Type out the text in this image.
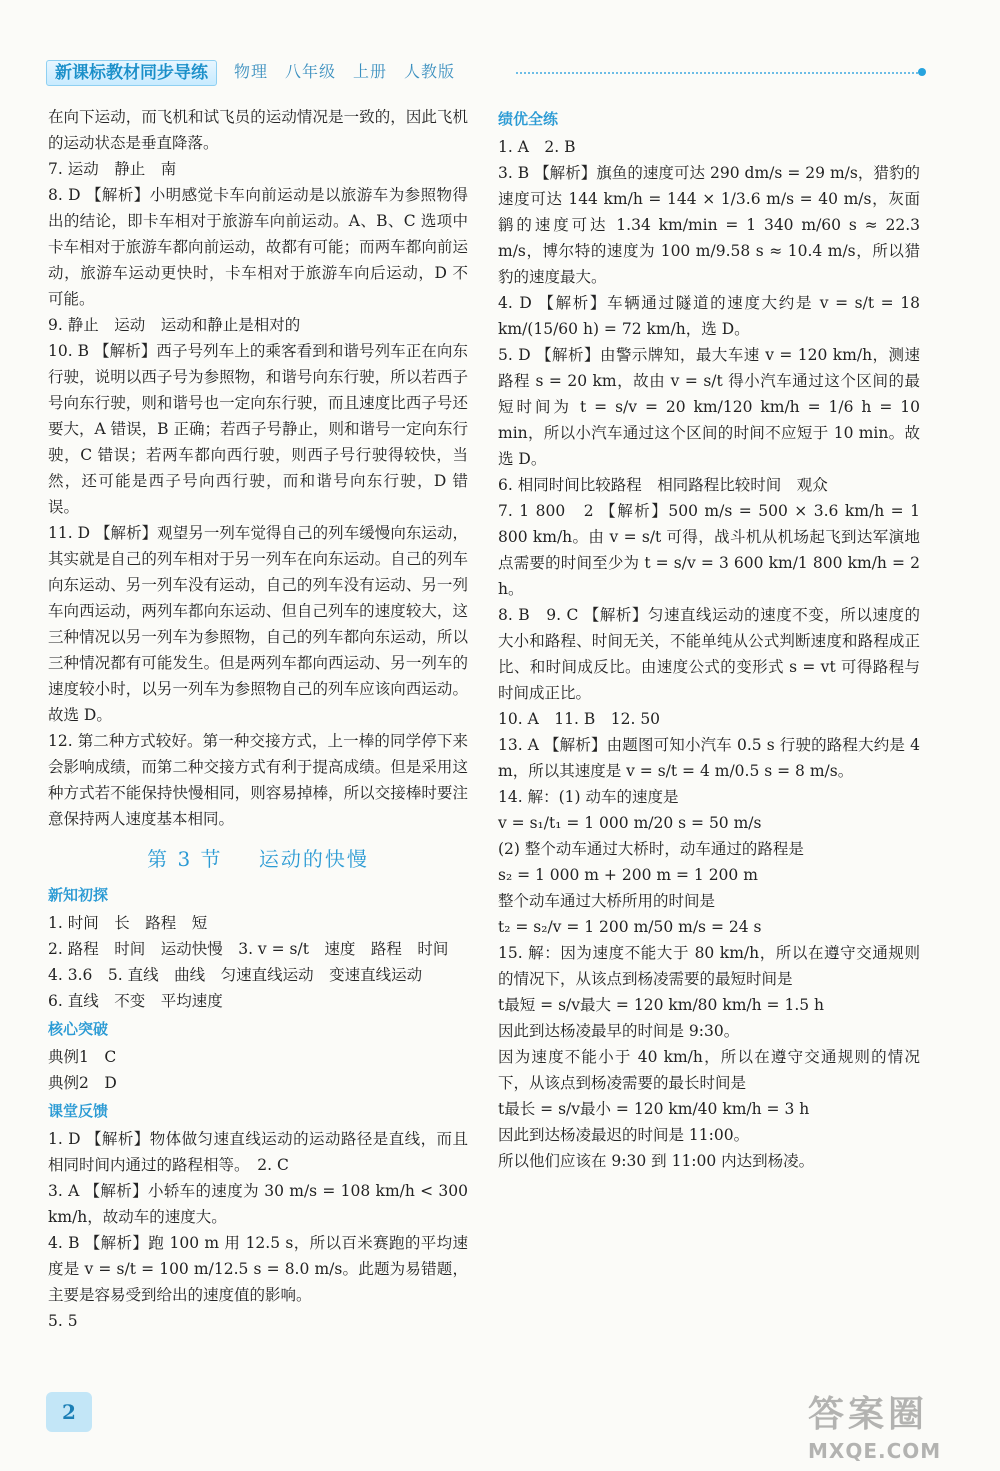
新课标教材同步导练	物理　八年级　上册　人教版

在向下运动，而飞机和试飞员的运动情况是一致的，因此飞机的运动状态是垂直降落。

7. 运动　静止　南

8. D 【解析】小明感觉卡车向前运动是以旅游车为参照物得出的结论，即卡车相对于旅游车向前运动。A、B、C 选项中卡车相对于旅游车都向前运动，故都有可能；而两车都向前运动，旅游车运动更快时，卡车相对于旅游车向后运动，D 不可能。

9. 静止　运动　运动和静止是相对的

10. B 【解析】西子号列车上的乘客看到和谐号列车正在向东行驶，说明以西子号为参照物，和谐号向东行驶，所以若西子号向东行驶，则和谐号也一定向东行驶，而且速度比西子号还要大，A 错误，B 正确；若西子号静止，则和谐号一定向东行驶，C 错误；若两车都向西行驶，则西子号行驶得较快，当然，还可能是西子号向西行驶，而和谐号向东行驶，D 错误。

11. D 【解析】观望另一列车觉得自己的列车缓慢向东运动，其实就是自己的列车相对于另一列车在向东运动。自己的列车向东运动、另一列车没有运动，自己的列车没有运动、另一列车向西运动，两列车都向东运动、但自己列车的速度较大，这三种情况以另一列车为参照物，自己的列车都向东运动，所以三种情况都有可能发生。但是两列车都向西运动、另一列车的速度较小时，以另一列车为参照物自己的列车应该向西运动。故选 D。

12. 第二种方式较好。第一种交接方式，上一棒的同学停下来会影响成绩，而第二种交接方式有利于提高成绩。但是采用这种方式若不能保持快慢相同，则容易掉棒，所以交接棒时要注意保持两人速度基本相同。

第 3 节 运动的快慢
新知初探

1. 时间　长　路程　短

2. 路程　时间　运动快慢　3. v = s/t　速度　路程　时间

4. 3.6　5. 直线　曲线　匀速直线运动　变速直线运动

6. 直线　不变　平均速度

核心突破

典例1　C

典例2　D

课堂反馈

1. D 【解析】物体做匀速直线运动的运动路径是直线，而且相同时间内通过的路程相等。　2. C

3. A 【解析】小轿车的速度为 30 m/s = 108 km/h < 300 km/h，故动车的速度大。

4. B 【解析】跑 100 m 用 12.5 s，所以百米赛跑的平均速度是 v = s/t = 100 m/12.5 s = 8.0 m/s。此题为易错题，主要是容易受到给出的速度值的影响。

5. 5

绩优全练

1. A　2. B

3. B 【解析】旗鱼的速度可达 290 dm/s = 29 m/s，猎豹的速度可达 144 km/h = 144 × 1/3.6 m/s = 40 m/s，灰面鹟的速度可达 1.34 km/min = 1 340 m/60 s ≈ 22.3 m/s，博尔特的速度为 100 m/9.58 s ≈ 10.4 m/s，所以猎豹的速度最大。

4. D 【解析】车辆通过隧道的速度大约是 v = s/t = 18 km/(15/60 h) = 72 km/h，选 D。

5. D 【解析】由警示牌知，最大车速 v = 120 km/h，测速路程 s = 20 km，故由 v = s/t 得小汽车通过这个区间的最短时间为 t = s/v = 20 km/120 km/h = 1/6 h = 10 min，所以小汽车通过这个区间的时间不应短于 10 min。故选 D。

6. 相同时间比较路程　相同路程比较时间　观众

7. 1 800　2 【解析】500 m/s = 500 × 3.6 km/h = 1 800 km/h。由 v = s/t 可得，战斗机从机场起飞到达军演地点需要的时间至少为 t = s/v = 3 600 km/1 800 km/h = 2 h。

8. B　9. C 【解析】匀速直线运动的速度不变，所以速度的大小和路程、时间无关，不能单纯从公式判断速度和路程成正比、和时间成反比。由速度公式的变形式 s = vt 可得路程与时间成正比。

10. A　11. B　12. 50

13. A 【解析】由题图可知小汽车 0.5 s 行驶的路程大约是 4 m，所以其速度是 v = s/t = 4 m/0.5 s = 8 m/s。

14. 解：(1) 动车的速度是

v = s₁/t₁ = 1 000 m/20 s = 50 m/s

(2) 整个动车通过大桥时，动车通过的路程是

s₂ = 1 000 m + 200 m = 1 200 m

整个动车通过大桥所用的时间是

t₂ = s₂/v = 1 200 m/50 m/s = 24 s

15. 解：因为速度不能大于 80 km/h，所以在遵守交通规则的情况下，从该点到杨凌需要的最短时间是

t最短 = s/v最大 = 120 km/80 km/h = 1.5 h

因此到达杨凌最早的时间是 9:30。

因为速度不能小于 40 km/h，所以在遵守交通规则的情况下，从该点到杨凌需要的最长时间是

t最长 = s/v最小 = 120 km/40 km/h = 3 h

因此到达杨凌最迟的时间是 11:00。

所以他们应该在 9:30 到 11:00 内达到杨凌。

2	答案圈
MXQE.COM
